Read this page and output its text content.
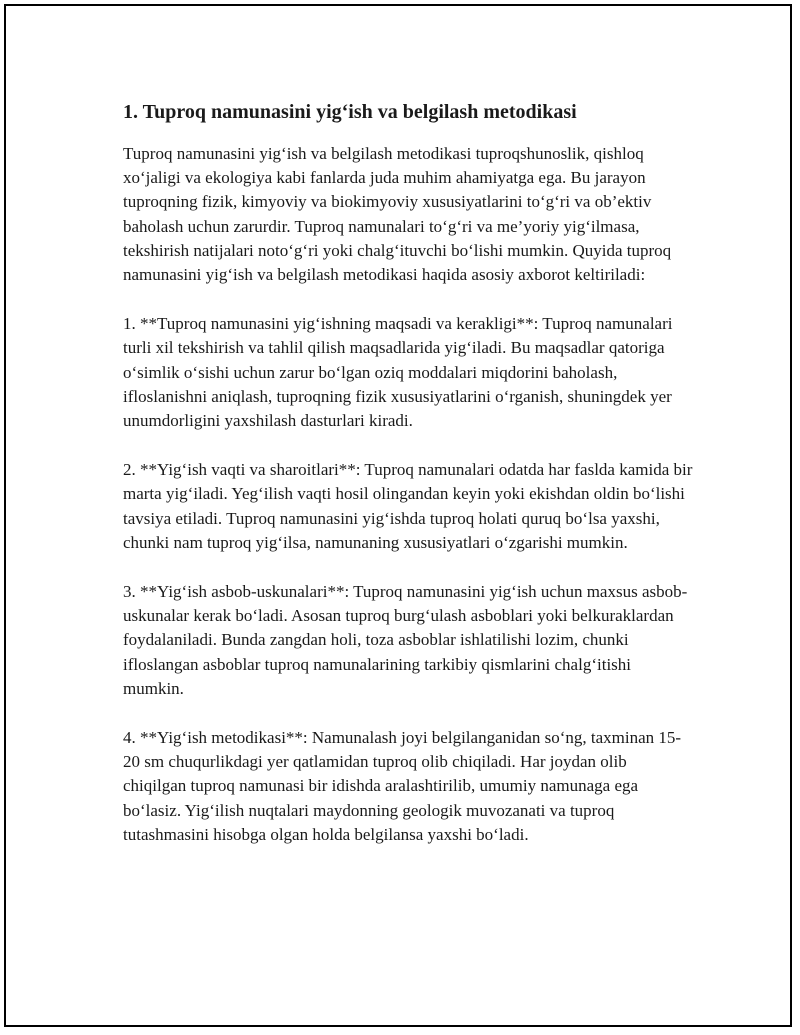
1. Tuproq namunasini yig‘ish va belgilash metodikasi

Tuproq namunasini yig‘ish va belgilash metodikasi tuproqshunoslik, qishloq xo‘jaligi va ekologiya kabi fanlarda juda muhim ahamiyatga ega. Bu jarayon tuproqning fizik, kimyoviy va biokimyoviy xususiyatlarini to‘g‘ri va ob’ektiv baholash uchun zarurdir. Tuproq namunalari to‘g‘ri va me’yoriy yig‘ilmasa, tekshirish natijalari noto‘g‘ri yoki chalg‘ituvchi bo‘lishi mumkin. Quyida tuproq namunasini yig‘ish va belgilash metodikasi haqida asosiy axborot keltiriladi:

1. **Tuproq namunasini yig‘ishning maqsadi va kerakligi**: Tuproq namunalari turli xil tekshirish va tahlil qilish maqsadlarida yig‘iladi. Bu maqsadlar qatoriga o‘simlik o‘sishi uchun zarur bo‘lgan oziq moddalari miqdorini baholash, ifloslanishni aniqlash, tuproqning fizik xususiyatlarini o‘rganish, shuningdek yer unumdorligini yaxshilash dasturlari kiradi.

2. **Yig‘ish vaqti va sharoitlari**: Tuproq namunalari odatda har faslda kamida bir marta yig‘iladi. Yeg‘ilish vaqti hosil olingandan keyin yoki ekishdan oldin bo‘lishi tavsiya etiladi. Tuproq namunasini yig‘ishda tuproq holati quruq bo‘lsa yaxshi, chunki nam tuproq yig‘ilsa, namunaning xususiyatlari o‘zgarishi mumkin.

3. **Yig‘ish asbob-uskunalari**: Tuproq namunasini yig‘ish uchun maxsus asbob-uskunalar kerak bo‘ladi. Asosan tuproq burg‘ulash asboblari yoki belkuraklardan foydalaniladi. Bunda zangdan holi, toza asboblar ishlatilishi lozim, chunki ifloslangan asboblar tuproq namunalarining tarkibiy qismlarini chalg‘itishi mumkin.

4. **Yig‘ish metodikasi**: Namunalash joyi belgilanganidan so‘ng, taxminan 15-20 sm chuqurlikdagi yer qatlamidan tuproq olib chiqiladi. Har joydan olib chiqilgan tuproq namunasi bir idishda aralashtirilib, umumiy namunaga ega bo‘lasiz. Yig‘ilish nuqtalari maydonning geologik muvozanati va tuproq tutashmasini hisobga olgan holda belgilansa yaxshi bo‘ladi.
